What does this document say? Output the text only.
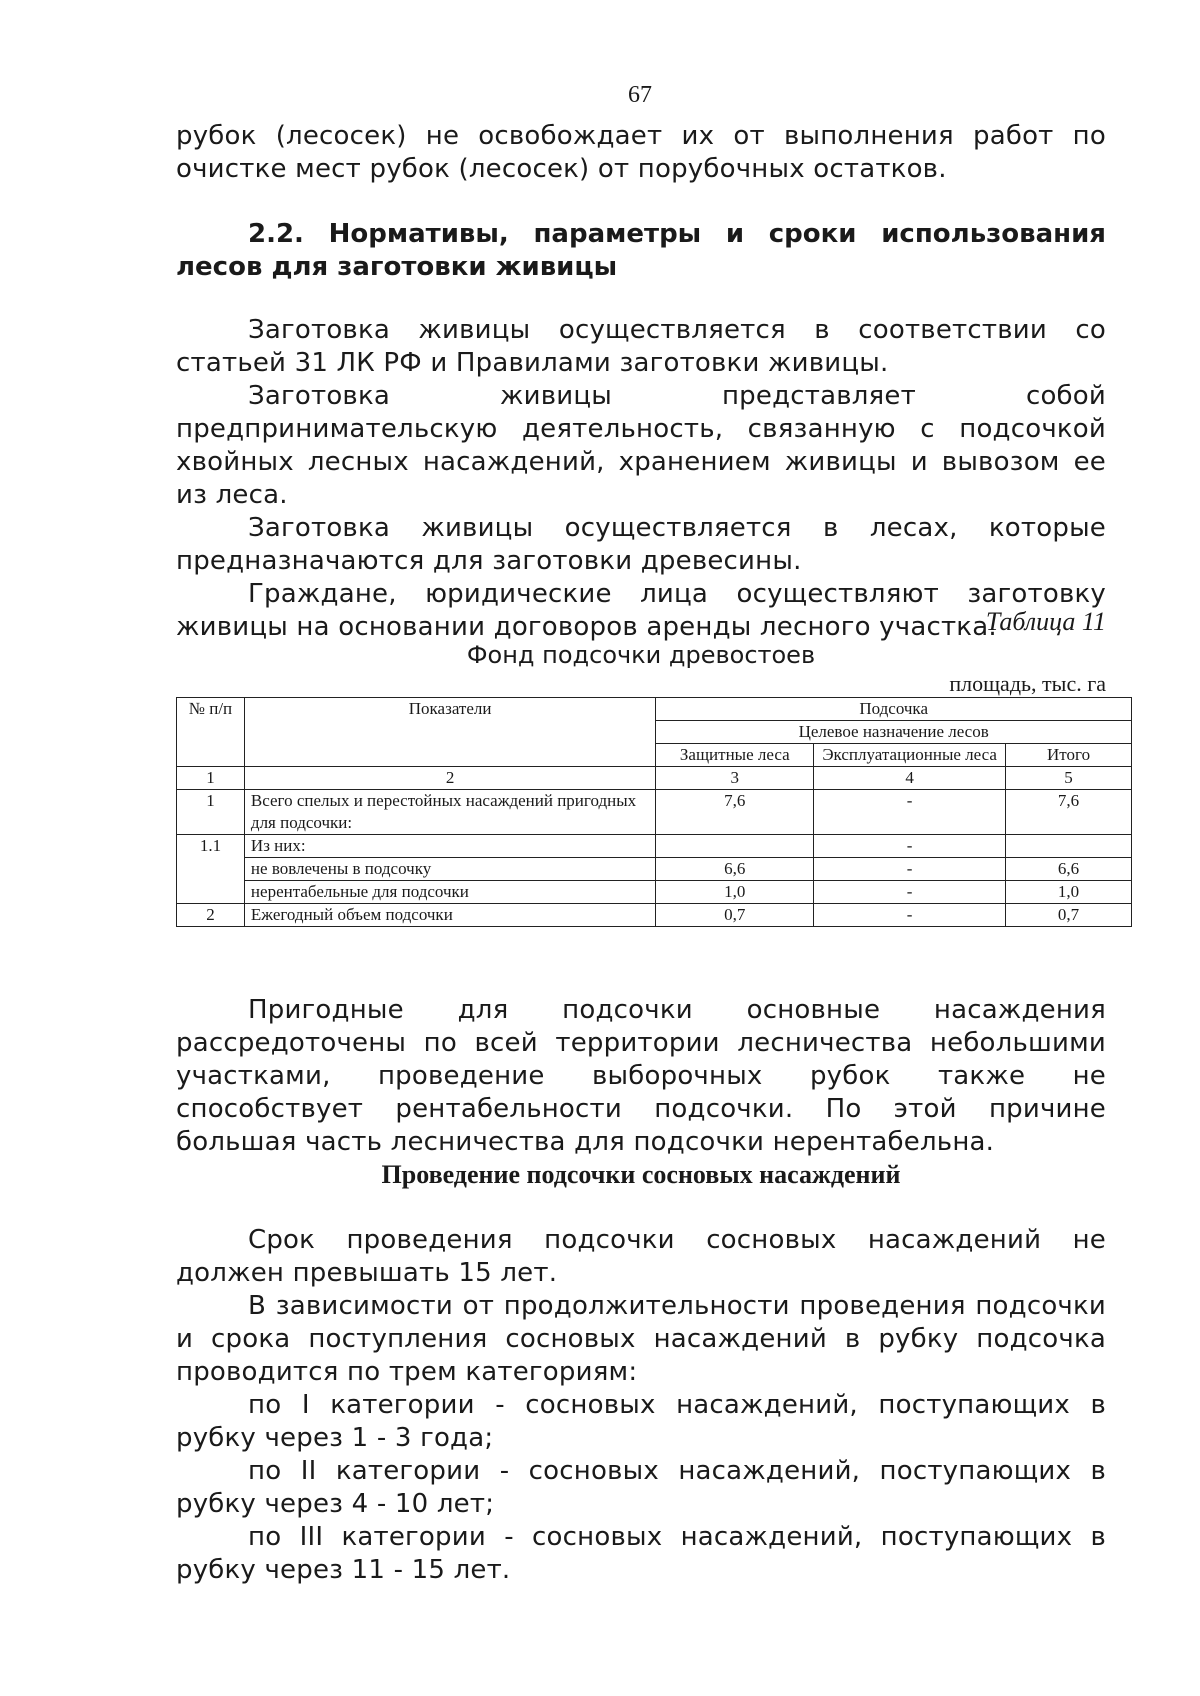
67

рубок (лесосек) не освобождает их от выполнения работ по очистке мест рубок (лесосек) от порубочных остатков.

2.2. Нормативы, параметры и сроки использования лесов для заготовки живицы

Заготовка живицы осуществляется в соответствии со статьей 31 ЛК РФ и Правилами заготовки живицы.

Заготовка живицы представляет собой предпринимательскую деятельность, связанную с подсочкой хвойных лесных насаждений, хранением живицы и вывозом ее из леса.

Заготовка живицы осуществляется в лесах, которые предназначаются для заготовки древесины.

Граждане, юридические лица осуществляют заготовку живицы на основании договоров аренды лесного участка.

Таблица 11
Фонд подсочки древостоев
площадь, тыс. га
№ п/п	Показатели	Подсочка		
		Целевое назначение лесов		
		Защитные леса	Эксплуатационные леса	Итого
1	2	3	4	5
1	Всего спелых и перестойных насаждений пригодных для подсочки:	7,6	-	7,6
1.1	Из них:		-	
	не вовлечены в подсочку	6,6	-	6,6
	нерентабельные для подсочки	1,0	-	1,0
2	Ежегодный объем подсочки	0,7	-	0,7

Пригодные для подсочки основные насаждения рассредоточены по всей территории лесничества небольшими участками, проведение выборочных рубок также не способствует рентабельности подсочки. По этой причине большая часть лесничества для подсочки нерентабельна.

Проведение подсочки сосновых насаждений

Срок проведения подсочки сосновых насаждений не должен превышать 15 лет.

В зависимости от продолжительности проведения подсочки и срока поступления сосновых насаждений в рубку подсочка проводится по трем категориям:

по I категории - сосновых насаждений, поступающих в рубку через 1 - 3 года;

по II категории - сосновых насаждений, поступающих в рубку через 4 - 10 лет;

по III категории - сосновых насаждений, поступающих в рубку через 11 - 15 лет.
